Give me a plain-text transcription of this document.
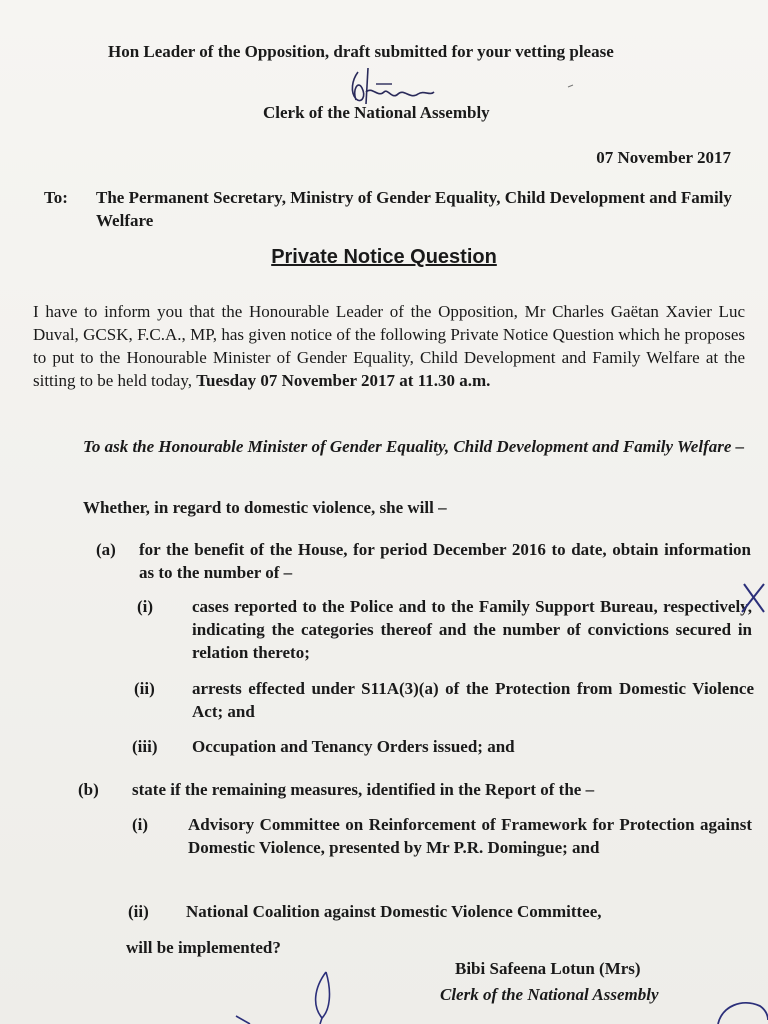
Hon Leader of the Opposition, draft submitted for your vetting please
Clerk of the National Assembly
07 November 2017
To: The Permanent Secretary, Ministry of Gender Equality, Child Development and Family Welfare
Private Notice Question
I have to inform you that the Honourable Leader of the Opposition, Mr Charles Gaëtan Xavier Luc Duval, GCSK, F.C.A., MP, has given notice of the following Private Notice Question which he proposes to put to the Honourable Minister of Gender Equality, Child Development and Family Welfare at the sitting to be held today, Tuesday 07 November 2017 at 11.30 a.m.
To ask the Honourable Minister of Gender Equality, Child Development and Family Welfare –
Whether, in regard to domestic violence, she will –
(a) for the benefit of the House, for period December 2016 to date, obtain information as to the number of –
(i) cases reported to the Police and to the Family Support Bureau, respectively, indicating the categories thereof and the number of convictions secured in relation thereto;
(ii) arrests effected under S11A(3)(a) of the Protection from Domestic Violence Act; and
(iii) Occupation and Tenancy Orders issued; and
(b) state if the remaining measures, identified in the Report of the –
(i) Advisory Committee on Reinforcement of Framework for Protection against Domestic Violence, presented by Mr P.R. Domingue; and
(ii) National Coalition against Domestic Violence Committee,
will be implemented?
Bibi Safeena Lotun (Mrs)
Clerk of the National Assembly
